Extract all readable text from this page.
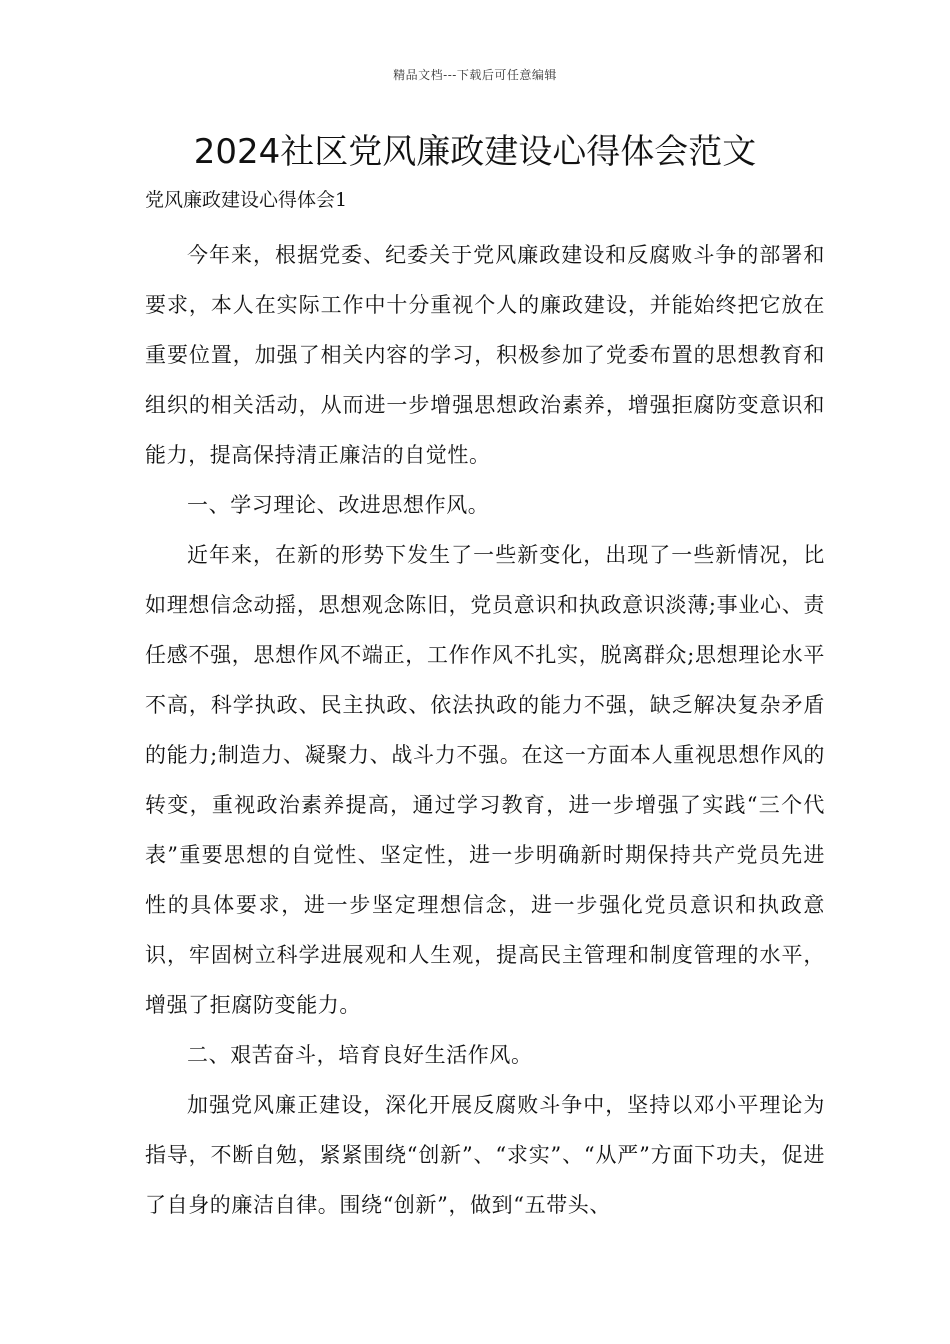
精品文档---下载后可任意编辑
2024社区党风廉政建设心得体会范文
党风廉政建设心得体会1

今年来，根据党委、纪委关于党风廉政建设和反腐败斗争的部署和要求，本人在实际工作中十分重视个人的廉政建设，并能始终把它放在重要位置，加强了相关内容的学习，积极参加了党委布置的思想教育和组织的相关活动，从而进一步增强思想政治素养，增强拒腐防变意识和能力，提高保持清正廉洁的自觉性。

一、学习理论、改进思想作风。

近年来，在新的形势下发生了一些新变化，出现了一些新情况，比如理想信念动摇，思想观念陈旧，党员意识和执政意识淡薄;事业心、责任感不强，思想作风不端正，工作作风不扎实，脱离群众;思想理论水平不高，科学执政、民主执政、依法执政的能力不强，缺乏解决复杂矛盾的能力;制造力、凝聚力、战斗力不强。在这一方面本人重视思想作风的转变，重视政治素养提高，通过学习教育，进一步增强了实践“三个代表”重要思想的自觉性、坚定性，进一步明确新时期保持共产党员先进性的具体要求，进一步坚定理想信念，进一步强化党员意识和执政意识，牢固树立科学进展观和人生观，提高民主管理和制度管理的水平，增强了拒腐防变能力。

二、艰苦奋斗，培育良好生活作风。

加强党风廉正建设，深化开展反腐败斗争中，坚持以邓小平理论为指导，不断自勉，紧紧围绕“创新”、“求实”、“从严”方面下功夫，促进了自身的廉洁自律。围绕“创新”，做到“五带头、
